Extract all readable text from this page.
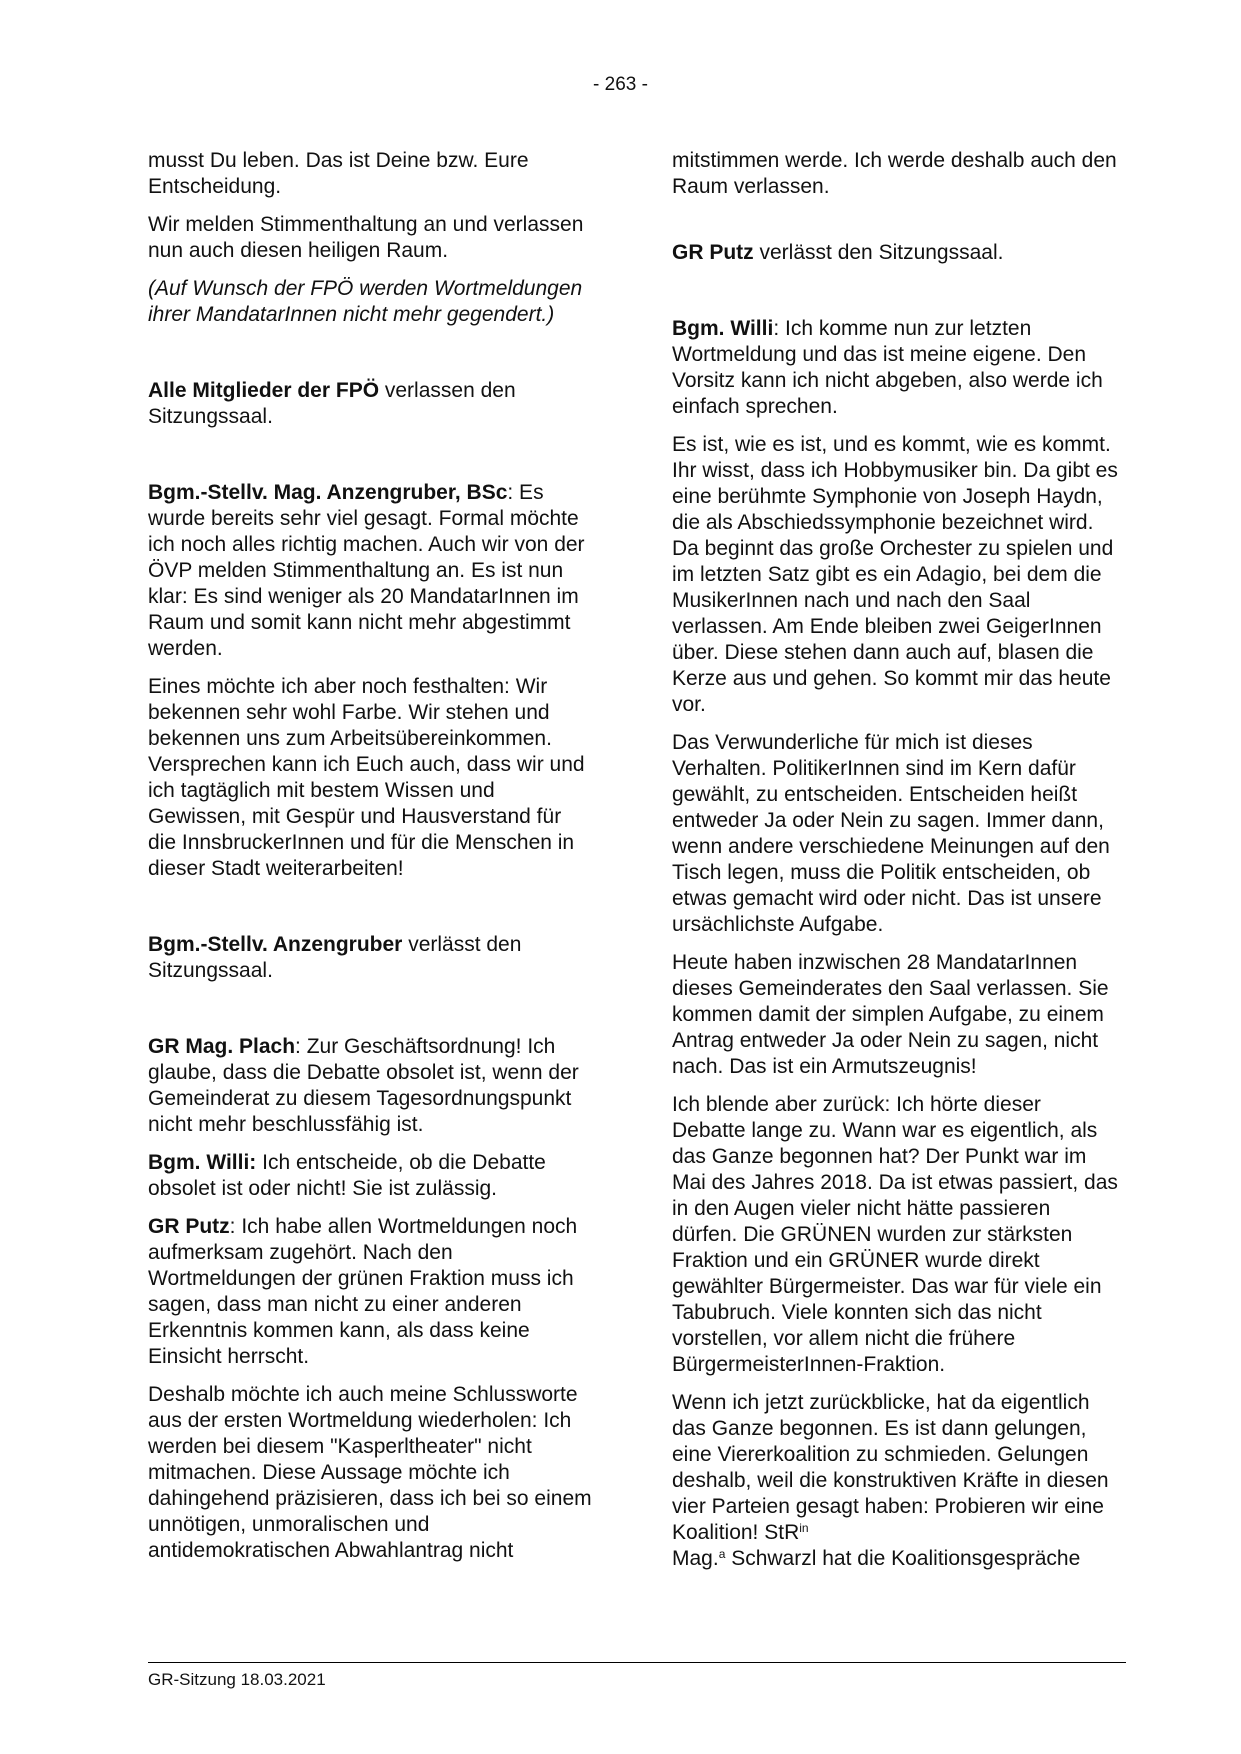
- 263 -

musst Du leben. Das ist Deine bzw. Eure Entscheidung.

Wir melden Stimmenthaltung an und verlassen nun auch diesen heiligen Raum.

(Auf Wunsch der FPÖ werden Wortmeldungen ihrer MandatarInnen nicht mehr gegendert.)

Alle Mitglieder der FPÖ verlassen den Sitzungssaal.

Bgm.-Stellv. Mag. Anzengruber, BSc: Es wurde bereits sehr viel gesagt. Formal möchte ich noch alles richtig machen. Auch wir von der ÖVP melden Stimmenthaltung an. Es ist nun klar: Es sind weniger als 20 MandatarInnen im Raum und somit kann nicht mehr abgestimmt werden.

Eines möchte ich aber noch festhalten: Wir bekennen sehr wohl Farbe. Wir stehen und bekennen uns zum Arbeitsübereinkommen. Versprechen kann ich Euch auch, dass wir und ich tagtäglich mit bestem Wissen und Gewissen, mit Gespür und Hausverstand für die InnsbruckerInnen und für die Menschen in dieser Stadt weiterarbeiten!

Bgm.-Stellv. Anzengruber verlässt den Sitzungssaal.

GR Mag. Plach: Zur Geschäftsordnung! Ich glaube, dass die Debatte obsolet ist, wenn der Gemeinderat zu diesem Tagesordnungspunkt nicht mehr beschlussfähig ist.

Bgm. Willi: Ich entscheide, ob die Debatte obsolet ist oder nicht! Sie ist zulässig.

GR Putz: Ich habe allen Wortmeldungen noch aufmerksam zugehört. Nach den Wortmeldungen der grünen Fraktion muss ich sagen, dass man nicht zu einer anderen Erkenntnis kommen kann, als dass keine Einsicht herrscht.

Deshalb möchte ich auch meine Schlussworte aus der ersten Wortmeldung wiederholen: Ich werden bei diesem "Kasperltheater" nicht mitmachen. Diese Aussage möchte ich dahingehend präzisieren, dass ich bei so einem unnötigen, unmoralischen und antidemokratischen Abwahlantrag nicht

mitstimmen werde. Ich werde deshalb auch den Raum verlassen.

GR Putz verlässt den Sitzungssaal.

Bgm. Willi: Ich komme nun zur letzten Wortmeldung und das ist meine eigene. Den Vorsitz kann ich nicht abgeben, also werde ich einfach sprechen.

Es ist, wie es ist, und es kommt, wie es kommt. Ihr wisst, dass ich Hobbymusiker bin. Da gibt es eine berühmte Symphonie von Joseph Haydn, die als Abschiedssymphonie bezeichnet wird. Da beginnt das große Orchester zu spielen und im letzten Satz gibt es ein Adagio, bei dem die MusikerInnen nach und nach den Saal verlassen. Am Ende bleiben zwei GeigerInnen über. Diese stehen dann auch auf, blasen die Kerze aus und gehen. So kommt mir das heute vor.

Das Verwunderliche für mich ist dieses Verhalten. PolitikerInnen sind im Kern dafür gewählt, zu entscheiden. Entscheiden heißt entweder Ja oder Nein zu sagen. Immer dann, wenn andere verschiedene Meinungen auf den Tisch legen, muss die Politik entscheiden, ob etwas gemacht wird oder nicht. Das ist unsere ursächlichste Aufgabe.

Heute haben inzwischen 28 MandatarInnen dieses Gemeinderates den Saal verlassen. Sie kommen damit der simplen Aufgabe, zu einem Antrag entweder Ja oder Nein zu sagen, nicht nach. Das ist ein Armutszeugnis!

Ich blende aber zurück: Ich hörte dieser Debatte lange zu. Wann war es eigentlich, als das Ganze begonnen hat? Der Punkt war im Mai des Jahres 2018. Da ist etwas passiert, das in den Augen vieler nicht hätte passieren dürfen. Die GRÜNEN wurden zur stärksten Fraktion und ein GRÜNER wurde direkt gewählter Bürgermeister. Das war für viele ein Tabubruch. Viele konnten sich das nicht vorstellen, vor allem nicht die frühere BürgermeisterInnen-Fraktion.

Wenn ich jetzt zurückblicke, hat da eigentlich das Ganze begonnen. Es ist dann gelungen, eine Viererkoalition zu schmieden. Gelungen deshalb, weil die konstruktiven Kräfte in diesen vier Parteien gesagt haben: Probieren wir eine Koalition! StR$^{in}$
Mag.$^a$ Schwarzl hat die Koalitionsgespräche

GR-Sitzung 18.03.2021
